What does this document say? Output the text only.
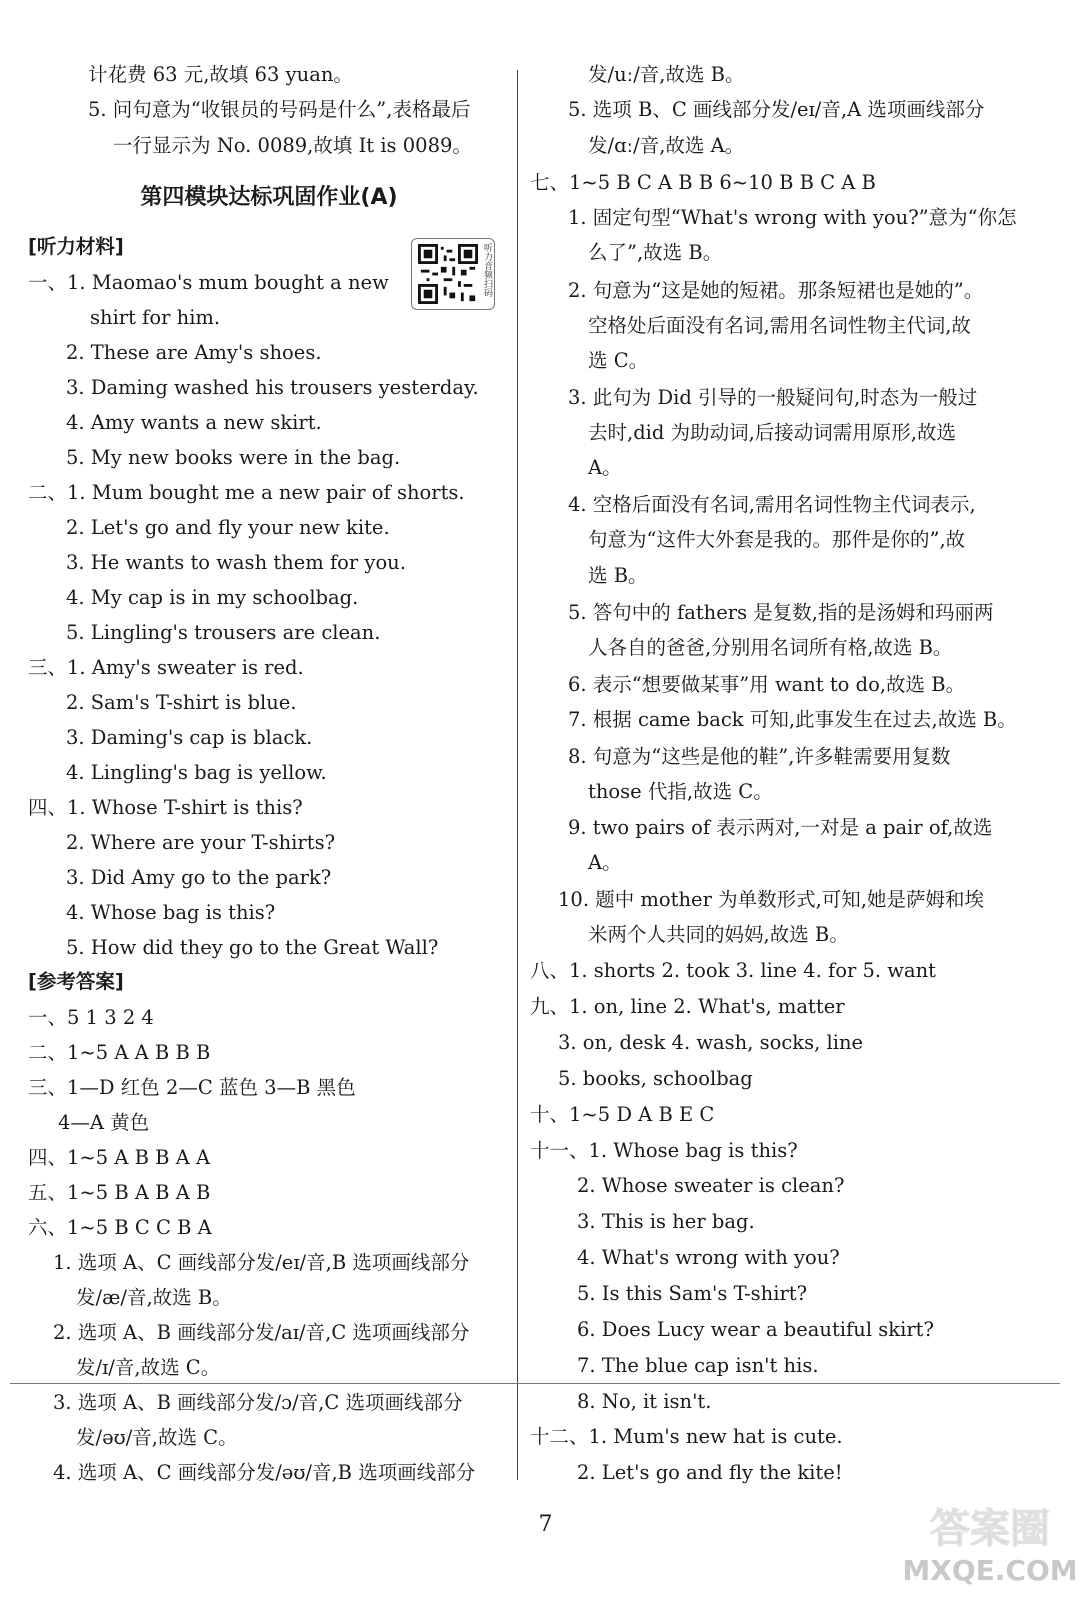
计花费 63 元,故填 63 yuan。
5. 问句意为“收银员的号码是什么”,表格最后
一行显示为 No. 0089,故填 It is 0089。
第四模块达标巩固作业(A)
[听力材料]	听力音频扫码
一、1. Maomao's mum bought a new
shirt for him.
2. These are Amy's shoes.
3. Daming washed his trousers yesterday.
4. Amy wants a new skirt.
5. My new books were in the bag.
二、1. Mum bought me a new pair of shorts.
2. Let's go and fly your new kite.
3. He wants to wash them for you.
4. My cap is in my schoolbag.
5. Lingling's trousers are clean.
三、1. Amy's sweater is red.
2. Sam's T-shirt is blue.
3. Daming's cap is black.
4. Lingling's bag is yellow.
四、1. Whose T-shirt is this?
2. Where are your T-shirts?
3. Did Amy go to the park?
4. Whose bag is this?
5. How did they go to the Great Wall?
[参考答案]
一、5 1 3 2 4
二、1~5 A A B B B
三、1—D 红色 2—C 蓝色 3—B 黑色
4—A 黄色
四、1~5 A B B A A
五、1~5 B A B A B
六、1~5 B C C B A
1. 选项 A、C 画线部分发/eɪ/音,B 选项画线部分
发/æ/音,故选 B。
2. 选项 A、B 画线部分发/aɪ/音,C 选项画线部分
发/ɪ/音,故选 C。
3. 选项 A、B 画线部分发/ɔ/音,C 选项画线部分
发/əʊ/音,故选 C。
4. 选项 A、C 画线部分发/əʊ/音,B 选项画线部分
发/uː/音,故选 B。
5. 选项 B、C 画线部分发/eɪ/音,A 选项画线部分
发/ɑː/音,故选 A。
七、1~5 B C A B B 6~10 B B C A B
1. 固定句型“What's wrong with you?”意为“你怎
么了”,故选 B。
2. 句意为“这是她的短裙。那条短裙也是她的”。
空格处后面没有名词,需用名词性物主代词,故
选 C。
3. 此句为 Did 引导的一般疑问句,时态为一般过
去时,did 为助动词,后接动词需用原形,故选
A。
4. 空格后面没有名词,需用名词性物主代词表示,
句意为“这件大外套是我的。那件是你的”,故
选 B。
5. 答句中的 fathers 是复数,指的是汤姆和玛丽两
人各自的爸爸,分别用名词所有格,故选 B。
6. 表示“想要做某事”用 want to do,故选 B。
7. 根据 came back 可知,此事发生在过去,故选 B。
8. 句意为“这些是他的鞋”,许多鞋需要用复数
those 代指,故选 C。
9. two pairs of 表示两对,一对是 a pair of,故选
A。
10. 题中 mother 为单数形式,可知,她是萨姆和埃
米两个人共同的妈妈,故选 B。
八、1. shorts 2. took 3. line 4. for 5. want
九、1. on, line 2. What's, matter
3. on, desk 4. wash, socks, line
5. books, schoolbag
十、1~5 D A B E C
十一、1. Whose bag is this?
2. Whose sweater is clean?
3. This is her bag.
4. What's wrong with you?
5. Is this Sam's T-shirt?
6. Does Lucy wear a beautiful skirt?
7. The blue cap isn't his.
8. No, it isn't.
十二、1. Mum's new hat is cute.
2. Let's go and fly the kite!
7	答案圈
MXQE.COM
